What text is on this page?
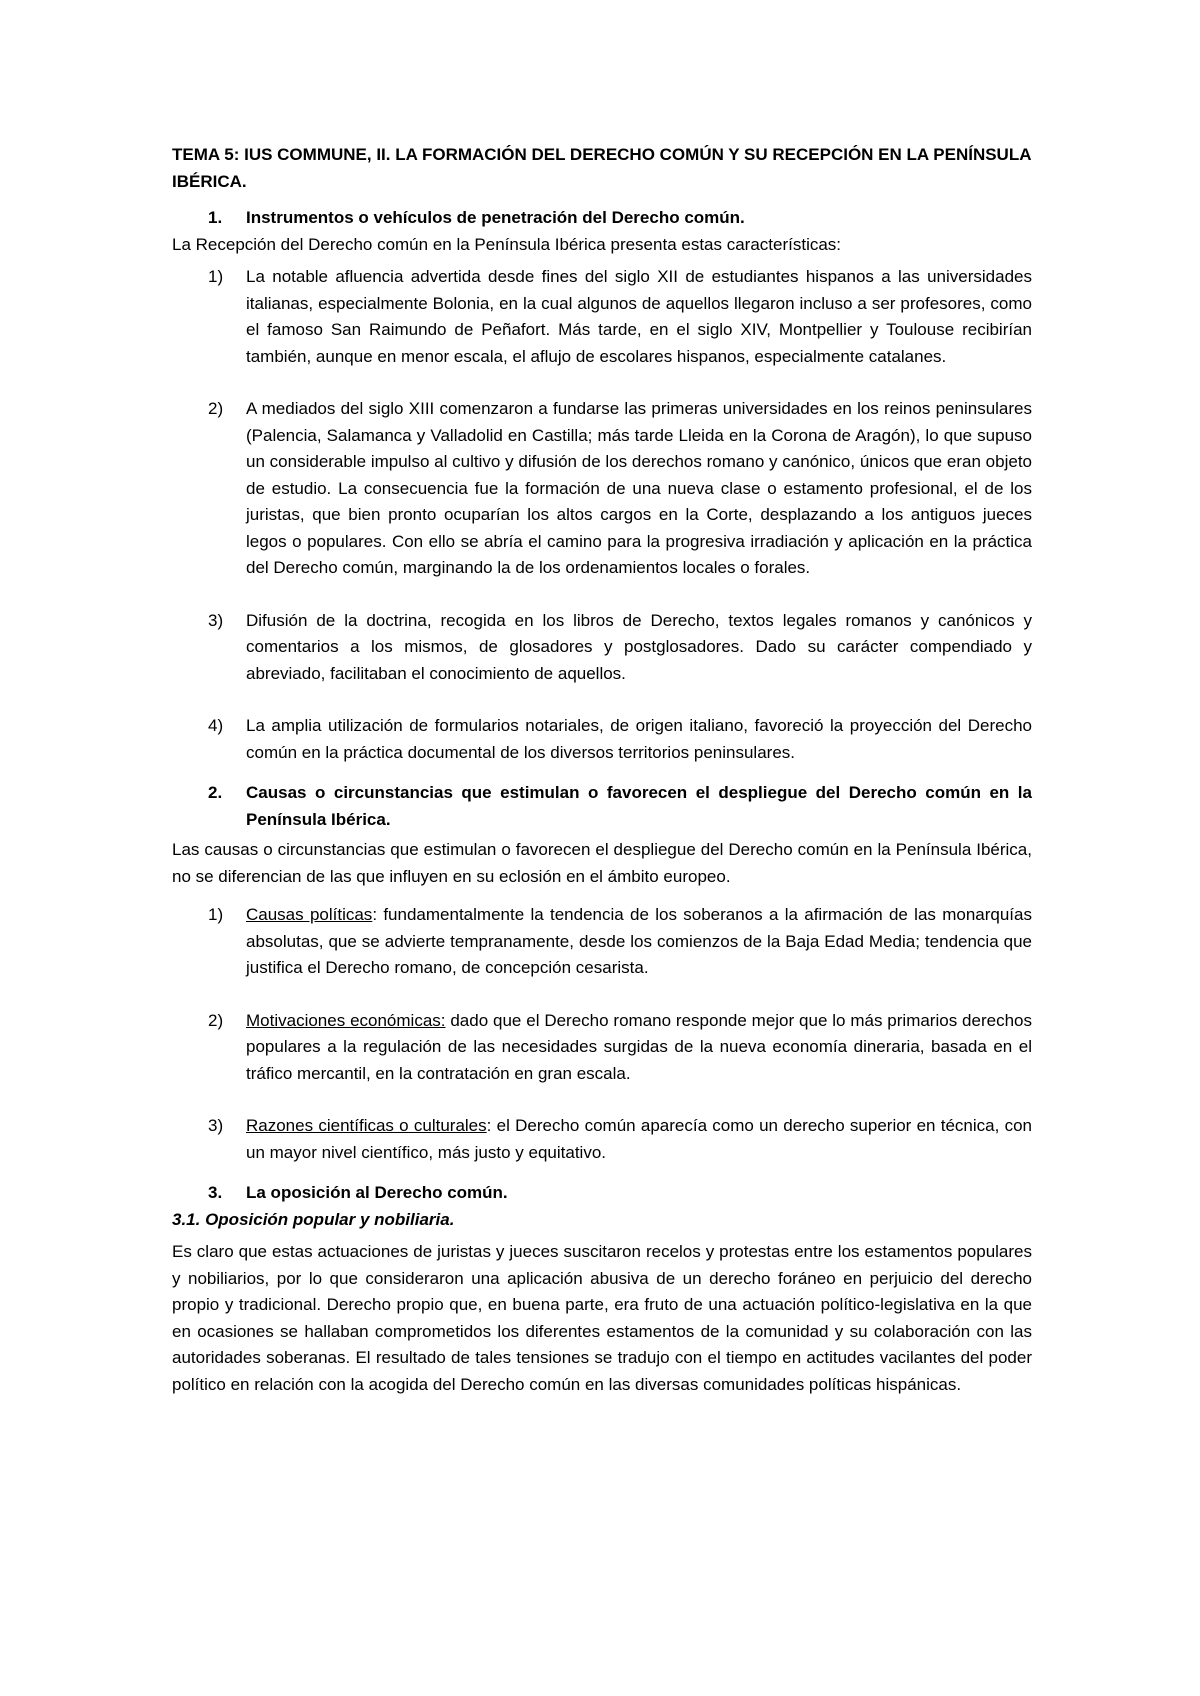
TEMA 5: IUS COMMUNE, II. LA FORMACIÓN DEL DERECHO COMÚN Y SU RECEPCIÓN EN LA PENÍNSULA IBÉRICA.

1. Instrumentos o vehículos de penetración del Derecho común.

La Recepción del Derecho común en la Península Ibérica presenta estas características:

1) La notable afluencia advertida desde fines del siglo XII de estudiantes hispanos a las universidades italianas, especialmente Bolonia, en la cual algunos de aquellos llegaron incluso a ser profesores, como el famoso San Raimundo de Peñafort. Más tarde, en el siglo XIV, Montpellier y Toulouse recibirían también, aunque en menor escala, el aflujo de escolares hispanos, especialmente catalanes.
2) A mediados del siglo XIII comenzaron a fundarse las primeras universidades en los reinos peninsulares (Palencia, Salamanca y Valladolid en Castilla; más tarde Lleida en la Corona de Aragón), lo que supuso un considerable impulso al cultivo y difusión de los derechos romano y canónico, únicos que eran objeto de estudio. La consecuencia fue la formación de una nueva clase o estamento profesional, el de los juristas, que bien pronto ocuparían los altos cargos en la Corte, desplazando a los antiguos jueces legos o populares. Con ello se abría el camino para la progresiva irradiación y aplicación en la práctica del Derecho común, marginando la de los ordenamientos locales o forales.
3) Difusión de la doctrina, recogida en los libros de Derecho, textos legales romanos y canónicos y comentarios a los mismos, de glosadores y postglosadores. Dado su carácter compendiado y abreviado, facilitaban el conocimiento de aquellos.
4) La amplia utilización de formularios notariales, de origen italiano, favoreció la proyección del Derecho común en la práctica documental de los diversos territorios peninsulares.

2. Causas o circunstancias que estimulan o favorecen el despliegue del Derecho común en la Península Ibérica.

Las causas o circunstancias que estimulan o favorecen el despliegue del Derecho común en la Península Ibérica, no se diferencian de las que influyen en su eclosión en el ámbito europeo.

1) Causas políticas: fundamentalmente la tendencia de los soberanos a la afirmación de las monarquías absolutas, que se advierte tempranamente, desde los comienzos de la Baja Edad Media; tendencia que justifica el Derecho romano, de concepción cesarista.
2) Motivaciones económicas: dado que el Derecho romano responde mejor que lo más primarios derechos populares a la regulación de las necesidades surgidas de la nueva economía dineraria, basada en el tráfico mercantil, en la contratación en gran escala.
3) Razones científicas o culturales: el Derecho común aparecía como un derecho superior en técnica, con un mayor nivel científico, más justo y equitativo.

3. La oposición al Derecho común.

3.1. Oposición popular y nobiliaria.

Es claro que estas actuaciones de juristas y jueces suscitaron recelos y protestas entre los estamentos populares y nobiliarios, por lo que consideraron una aplicación abusiva de un derecho foráneo en perjuicio del derecho propio y tradicional. Derecho propio que, en buena parte, era fruto de una actuación político-legislativa en la que en ocasiones se hallaban comprometidos los diferentes estamentos de la comunidad y su colaboración con las autoridades soberanas. El resultado de tales tensiones se tradujo con el tiempo en actitudes vacilantes del poder político en relación con la acogida del Derecho común en las diversas comunidades políticas hispánicas.
